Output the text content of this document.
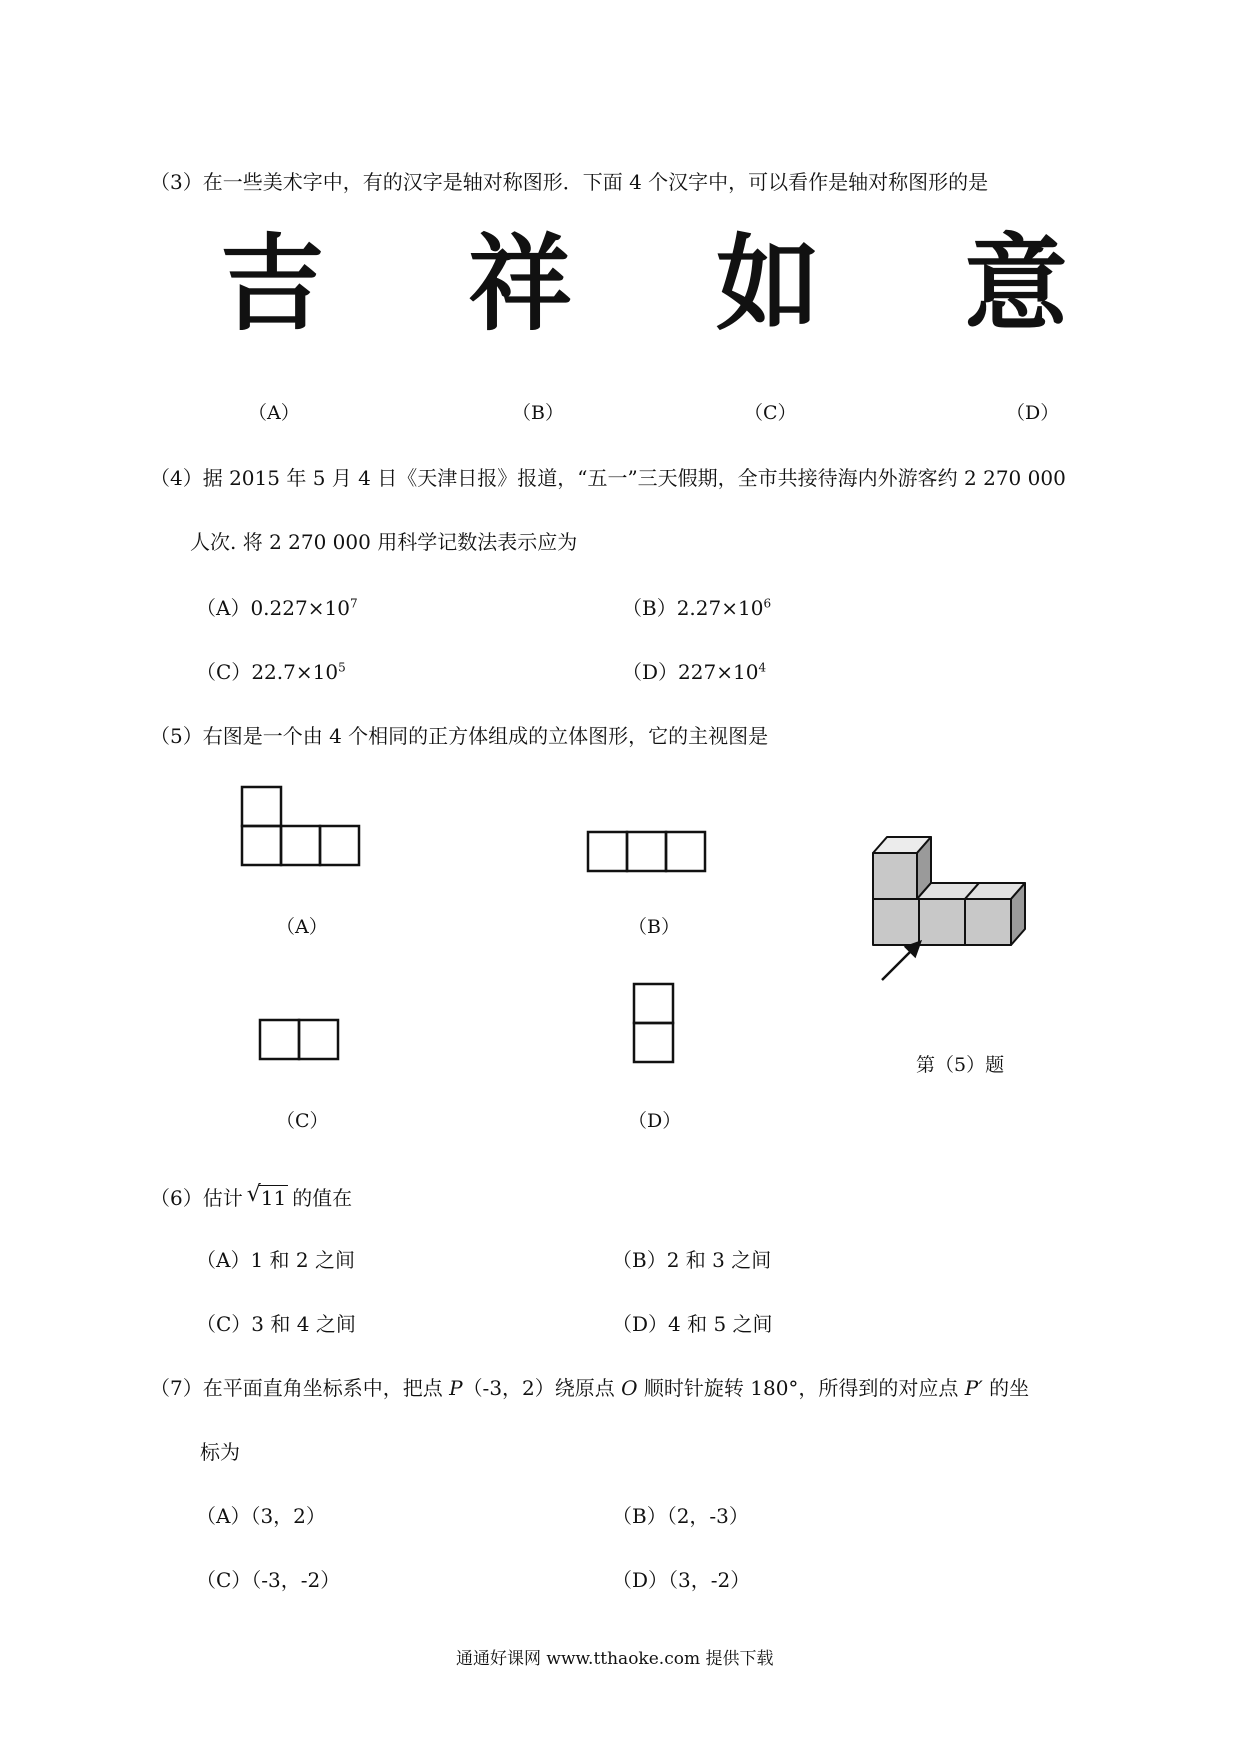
（3）在一些美术字中，有的汉字是轴对称图形．下面 4 个汉字中，可以看作是轴对称图形的是
吉 祥 如 意
（A）	（B）	（C）	（D）
（4）据 2015 年 5 月 4 日《天津日报》报道，“五一”三天假期，全市共接待海内外游客约 2 270 000
人次. 将 2 270 000 用科学记数法表示应为
$(A)0.227\times 10^7$	$(B)2.27\times 10^6$
$(C)22.7\times 10^5$	$(D)227\times 10^4$
（5）右图是一个由 4 个相同的正方体组成的立体图形，它的主视图是
（A）	（B）
（C）	（D）
第（5）题
（6）估计 √ 11 的值在
（A）1 和 2 之间	（B）2 和 3 之间
（C）3 和 4 之间	（D）4 和 5 之间
（7）在平面直角坐标系中，把点 P（-3，2）绕原点 O 顺时针旋转 180°，所得到的对应点 P′ 的坐
标为
（A）（3，2）	（B）（2，-3）
（C）（-3，-2）	（D）（3，-2）
通通好课网 www.tthaoke.com 提供下载
